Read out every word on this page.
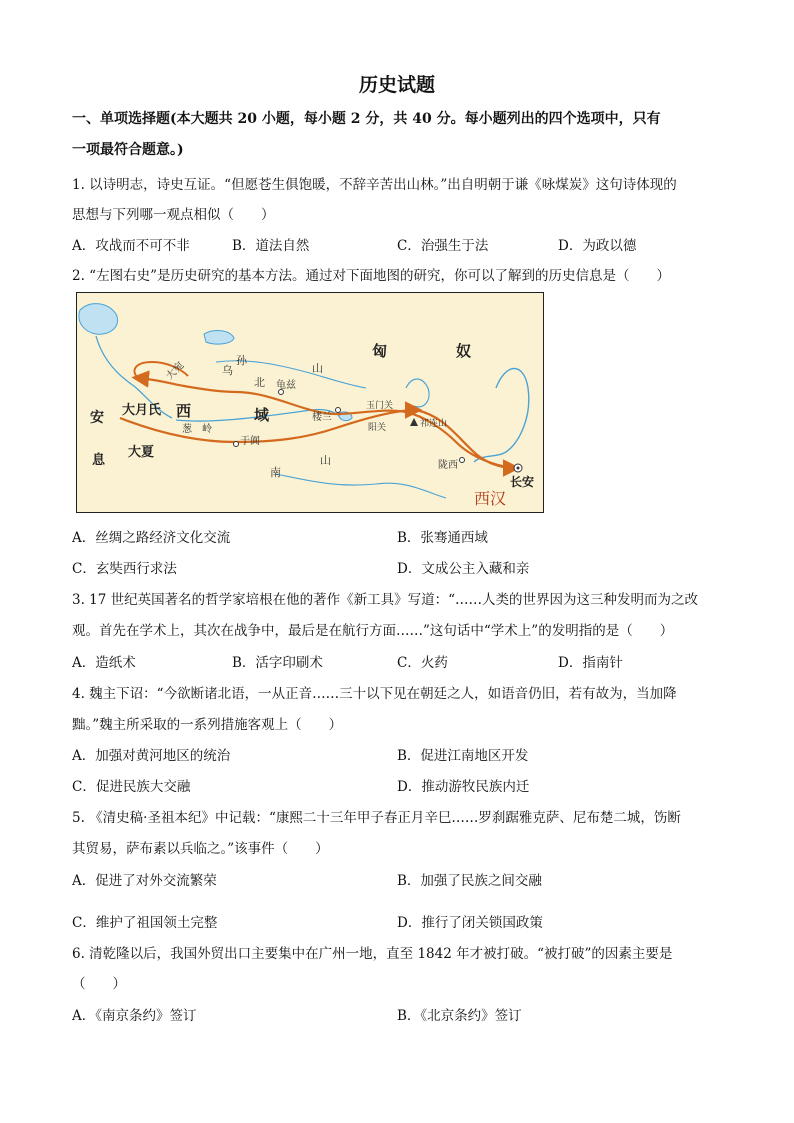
历史试题
一、单项选择题(本大题共 20 小题，每小题 2 分，共 40 分。每小题列出的四个选项中，只有
一项最符合题意。)
1. 以诗明志，诗史互证。“但愿苍生俱饱暖，不辞辛苦出山林。”出自明朝于谦《咏煤炭》这句诗体现的
思想与下列哪一观点相似（　　）
A．攻战而不可不非	B．道法自然	C．治强生于法	D．为政以德
2. “左图右史”是历史研究的基本方法。通过对下面地图的研究，你可以了解到的历史信息是（　　）
匈	奴
乌
孙
北
山
龟兹
大宛
大月氏 西	域
葱　岭
安
息
大夏
于阗
南
山
楼兰
玉门关
阳关	祁连山
陇西
长安
西汉
A．丝绸之路经济文化交流	B．张骞通西域
C．玄奘西行求法	D．文成公主入藏和亲
3. 17 世纪英国著名的哲学家培根在他的著作《新工具》写道：“……人类的世界因为这三种发明而为之改
观。首先在学术上，其次在战争中，最后是在航行方面……”这句话中“学术上”的发明指的是（　　）
A．造纸术	B．活字印刷术	C．火药	D．指南针
4. 魏主下诏：“今欲断诸北语，一从正音……三十以下见在朝廷之人，如语音仍旧，若有故为，当加降
黜。”魏主所采取的一系列措施客观上（　　）
A．加强对黄河地区的统治	B．促进江南地区开发
C．促进民族大交融	D．推动游牧民族内迁
5. 《清史稿·圣祖本纪》中记载：“康熙二十三年甲子春正月辛巳……罗刹踞雅克萨、尼布楚二城，饬断
其贸易，萨布素以兵临之。”该事件（　　）
A．促进了对外交流繁荣	B．加强了民族之间交融
C．维护了祖国领土完整	D．推行了闭关锁国政策
6. 清乾隆以后，我国外贸出口主要集中在广州一地，直至 1842 年才被打破。“被打破”的因素主要是
（　　）
A．《南京条约》签订	B．《北京条约》签订
